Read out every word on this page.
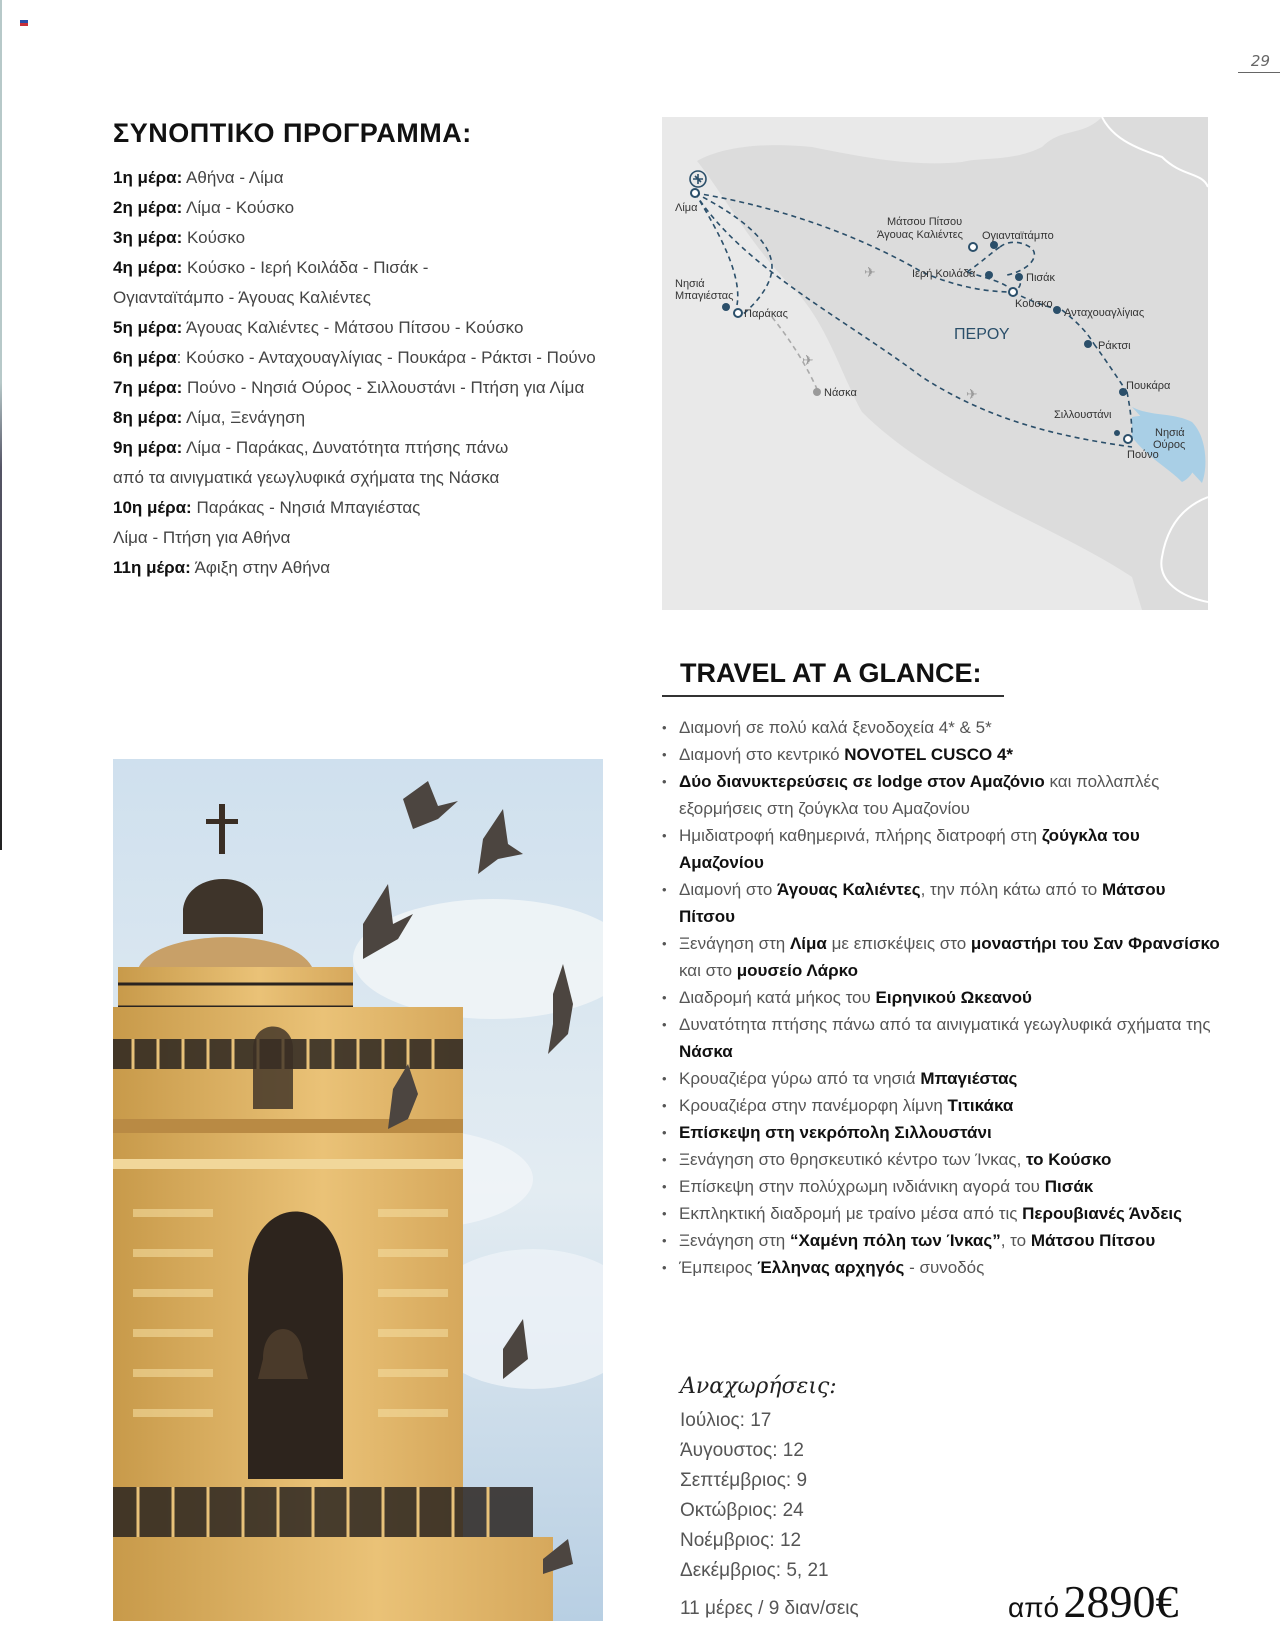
29
ΣΥΝΟΠΤΙΚΟ ΠΡΟΓΡΑΜΜΑ:
1η μέρα: Αθήνα - Λίμα
2η μέρα: Λίμα - Κούσκο
3η μέρα: Κούσκο
4η μέρα: Κούσκο - Ιερή Κοιλάδα - Πισάκ -
Ογιανταϊτάμπο - Άγουας Καλιέντες
5η μέρα: Άγουας Καλιέντες - Μάτσου Πίτσου - Κούσκο
6η μέρα: Κούσκο - Ανταχουαγλίγιας - Πουκάρα - Ράκτσι - Πούνο
7η μέρα: Πούνο - Νησιά Ούρος - Σιλλουστάνι - Πτήση για Λίμα
8η μέρα: Λίμα, Ξενάγηση
9η μέρα: Λίμα - Παράκας, Δυνατότητα πτήσης πάνω
από τα αινιγματικά γεωγλυφικά σχήματα της Νάσκα
10η μέρα: Παράκας - Νησιά Μπαγιέστας
Λίμα - Πτήση για Αθήνα
11η μέρα: Άφιξη στην Αθήνα
✈
✈
✈
Λίμα
Νησιά Μπαγιέστας
Παράκας
Νάσκα
Μάτσου Πίτσου Άγουας Καλιέντες Ογιανταϊτάμπο
Ιερή Κοιλάδα	Πισάκ
Κούσκο
Ανταχουαγλίγιας
Ράκτσι
Πουκάρα
Σιλλουστάνι
Νησιά Ούρος
Πούνο
ΠΕΡΟΥ
TRAVEL AT A GLANCE:
• Διαμονή σε πολύ καλά ξενοδοχεία 4* & 5*
• Διαμονή στο κεντρικό NOVOTEL CUSCO 4*
• Δύο διανυκτερεύσεις σε lodge στον Αμαζόνιο και πολλαπλές εξορμήσεις στη ζούγκλα του Αμαζονίου
• Ημιδιατροφή καθημερινά, πλήρης διατροφή στη ζούγκλα του Αμαζονίου
• Διαμονή στο Άγουας Καλιέντες, την πόλη κάτω από το Μάτσου Πίτσου
• Ξενάγηση στη Λίμα με επισκέψεις στο μοναστήρι του Σαν Φρανσίσκο και στο μουσείο Λάρκο
• Διαδρομή κατά μήκος του Ειρηνικού Ωκεανού
• Δυνατότητα πτήσης πάνω από τα αινιγματικά γεωγλυφικά σχήματα της Νάσκα
• Κρουαζιέρα γύρω από τα νησιά Μπαγιέστας
• Κρουαζιέρα στην πανέμορφη λίμνη Τιτικάκα
• Επίσκεψη στη νεκρόπολη Σιλλουστάνι
• Ξενάγηση στο θρησκευτικό κέντρο των Ίνκας, το Κούσκο
• Επίσκεψη στην πολύχρωμη ινδιάνικη αγορά του Πισάκ
• Εκπληκτική διαδρομή με τραίνο μέσα από τις Περουβιανές Άνδεις
• Ξενάγηση στη “Χαμένη πόλη των Ίνκας”, το Μάτσου Πίτσου
• Έμπειρος Έλληνας αρχηγός - συνοδός
Αναχωρήσεις:
Ιούλιος: 17
Άυγουστος: 12
Σεπτέμβριος: 9
Οκτώβριος: 24
Νοέμβριος: 12
Δεκέμβριος: 5, 21
11 μέρες / 9 διαν/σεις	από 2890€
